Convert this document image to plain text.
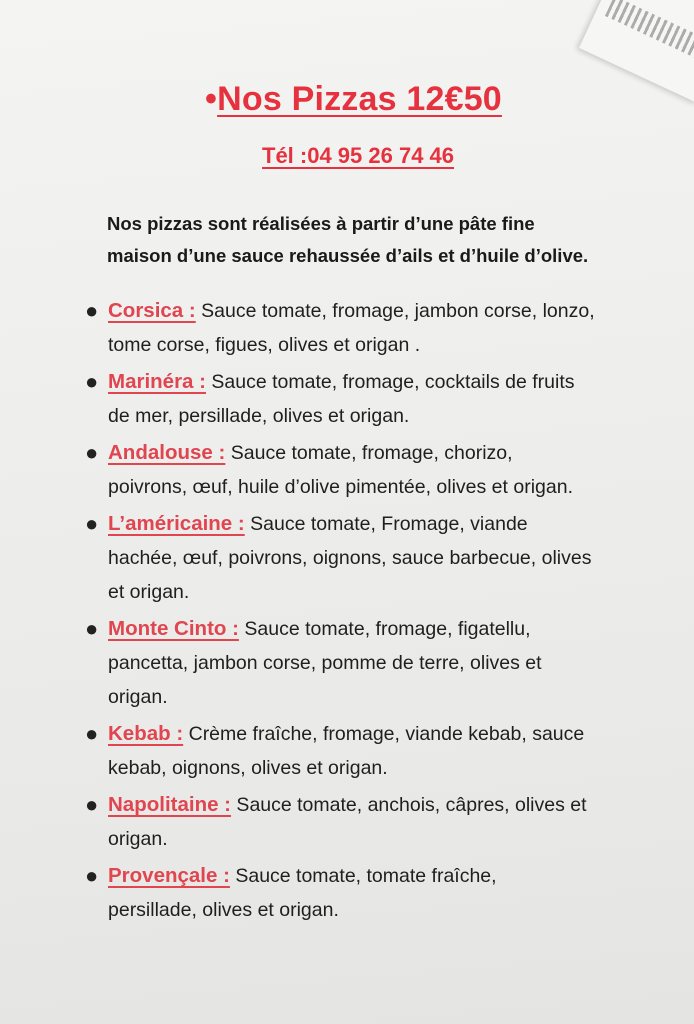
•Nos Pizzas 12€50
Tél :04 95 26 74 46
Nos pizzas sont réalisées à partir d’une pâte fine
maison d’une sauce rehaussée d’ails et d’huile d’olive.
● Corsica : Sauce tomate, fromage, jambon corse, lonzo,
tome corse, figues, olives et origan .
● Marinéra : Sauce tomate, fromage, cocktails de fruits
de mer, persillade, olives et origan.
● Andalouse : Sauce tomate, fromage, chorizo,
poivrons, œuf, huile d’olive pimentée, olives et origan.
● L’américaine : Sauce tomate, Fromage, viande
hachée, œuf, poivrons, oignons, sauce barbecue, olives
et origan.
● Monte Cinto : Sauce tomate, fromage, figatellu,
pancetta, jambon corse, pomme de terre, olives et
origan.
● Kebab : Crème fraîche, fromage, viande kebab, sauce
kebab, oignons, olives et origan.
● Napolitaine : Sauce tomate, anchois, câpres, olives et
origan.
● Provençale : Sauce tomate, tomate fraîche,
persillade, olives et origan.
